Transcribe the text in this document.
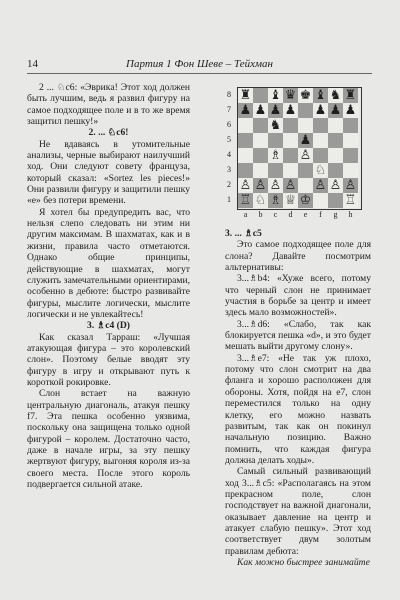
14	Партия 1 Фон Шеве – Тейхман

2 ... ♘c6: «Эврика! Этот ход должен быть лучшим, ведь я развил фигуру на самое подходящее поле и в то же время защитил пешку!»

2. ... ♘c6!

Не вдаваясь в утомительные анализы, черные выбирают наилучший ход. Они следуют совету француза, который сказал: «Sortez les pieces!» Они развили фигуру и защитили пешку «е» без потери времени.

Я хотел бы предупредить вас, что нельзя слепо следовать ни этим ни другим максимам. В шахматах, как и в жизни, правила часто отметаются. Однако общие принципы, действующие в шахматах, могут служить замечательными ориентирами, особенно в дебюте: быстро развивайте фигуры, мыслите логически, мыслите логически и не увлекайтесь!

3. ♗c4 (D)

Как сказал Тарраш: «Лучшая атакующая фигура – это королевский слон». Поэтому белые вводят эту фигуру в игру и открывают путь к короткой рокировке.

Слон встает на важную центральную диагональ, атакуя пешку f7. Эта пешка особенно уязвима, поскольку она защищена только одной фигурой – королем. Достаточно часто, даже в начале игры, за эту пешку жертвуют фигуру, выгоняя короля из-за своего места. После этого король подвергается сильной атаке.

8
7
6
5
4
3
2
1
♜ ♝ ♛ ♚ ♝ ♞ ♜
♟ ♟ ♟ ♟ ♟ ♟ ♟
♞
♟
♗ ♙
♘
♙ ♙ ♙ ♙ ♙ ♙ ♙
♖ ♘ ♗ ♕ ♔	♖
a	b	c	d	e	f	g	h

3. ... ♗c5

Это самое подходящее поле для слона? Давайте посмотрим альтернативы:

3...♗b4: «Хуже всего, потому что черный слон не принимает участия в борьбе за центр и имеет здесь мало возможностей».

3...♗d6: «Слабо, так как блокируется пешка «d», и это будет мешать выйти другому слону».

3...♗e7: «Не так уж плохо, потому что слон смотрит на два фланга и хорошо расположен для обороны. Хотя, пойдя на e7, слон переместился только на одну клетку, его можно назвать развитым, так как он покинул начальную позицию. Важно помнить, что каждая фигура должна делать ходы».

Самый сильный развивающий ход 3...♗c5: «Располагаясь на этом прекрасном поле, слон господствует на важной диагонали, оказывает давление на центр и атакует слабую пешку». Этот ход соответствует двум золотым правилам дебюта:

Как можно быстрее занимайте
